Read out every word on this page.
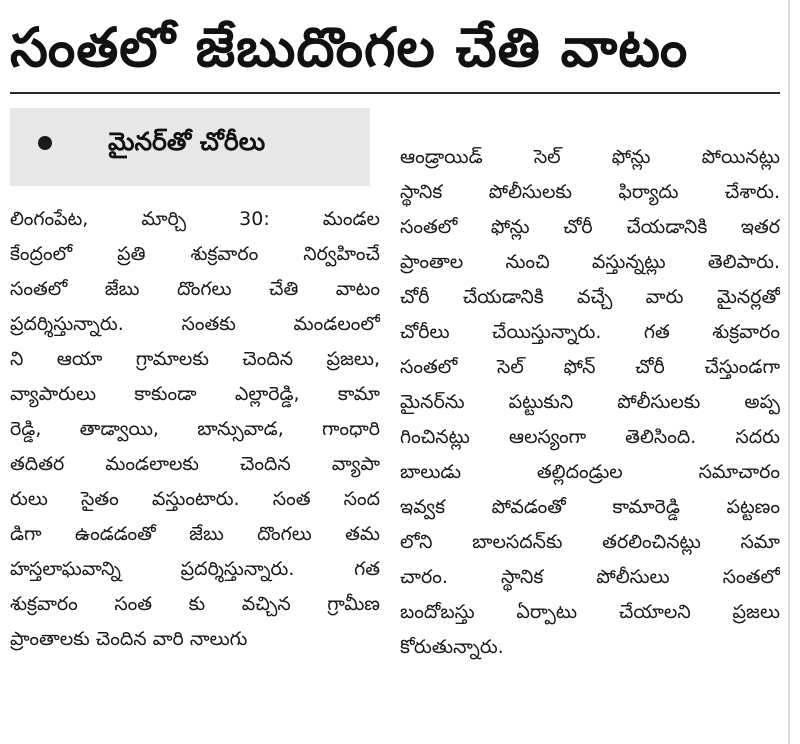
సంతలో జేబుదొంగల చేతి వాటం
మైనర్‌తో చోరీలు
లింగంపేట, మార్చి 30: మండల
కేంద్రంలో ప్రతి శుక్రవారం నిర్వహించే
సంతలో జేబు దొంగలు చేతి వాటం
ప్రదర్శిస్తున్నారు. సంతకు మండలంలో
ని ఆయా గ్రామాలకు చెందిన ప్రజలు,
వ్యాపారులు కాకుండా ఎల్లారెడ్డి, కామా
రెడ్డి, తాడ్వాయి, బాన్సువాడ, గాంధారి
తదితర మండలాలకు చెందిన వ్యాపా
రులు సైతం వస్తుంటారు. సంత సంద
డిగా ఉండడంతో జేబు దొంగలు తమ
హస్తలాఘవాన్ని ప్రదర్శిస్తున్నారు. గత
శుక్రవారం సంత కు వచ్చిన గ్రామీణ
ప్రాంతాలకు చెందిన వారి నాలుగు
ఆండ్రాయిడ్ సెల్ ఫోన్లు పోయినట్లు
స్థానిక పోలీసులకు ఫిర్యాదు చేశారు.
సంతలో ఫోన్లు చోరీ చేయడానికి ఇతర
ప్రాంతాల నుంచి వస్తున్నట్లు తెలిపారు.
చోరీ చేయడానికి వచ్చే వారు మైనర్లతో
చోరీలు చేయిస్తున్నారు. గత శుక్రవారం
సంతలో సెల్ ఫోన్ చోరీ చేస్తుండగా
మైనర్‌ను పట్టుకుని పోలీసులకు అప్ప
గించినట్లు ఆలస్యంగా తెలిసింది. సదరు
బాలుడు తల్లిదండ్రుల సమాచారం
ఇవ్వక పోవడంతో కామారెడ్డి పట్టణం
లోని బాలసదన్‌కు తరలించినట్లు సమా
చారం. స్థానిక పోలీసులు సంతలో
బందోబస్తు ఏర్పాటు చేయాలని ప్రజలు
కోరుతున్నారు.
